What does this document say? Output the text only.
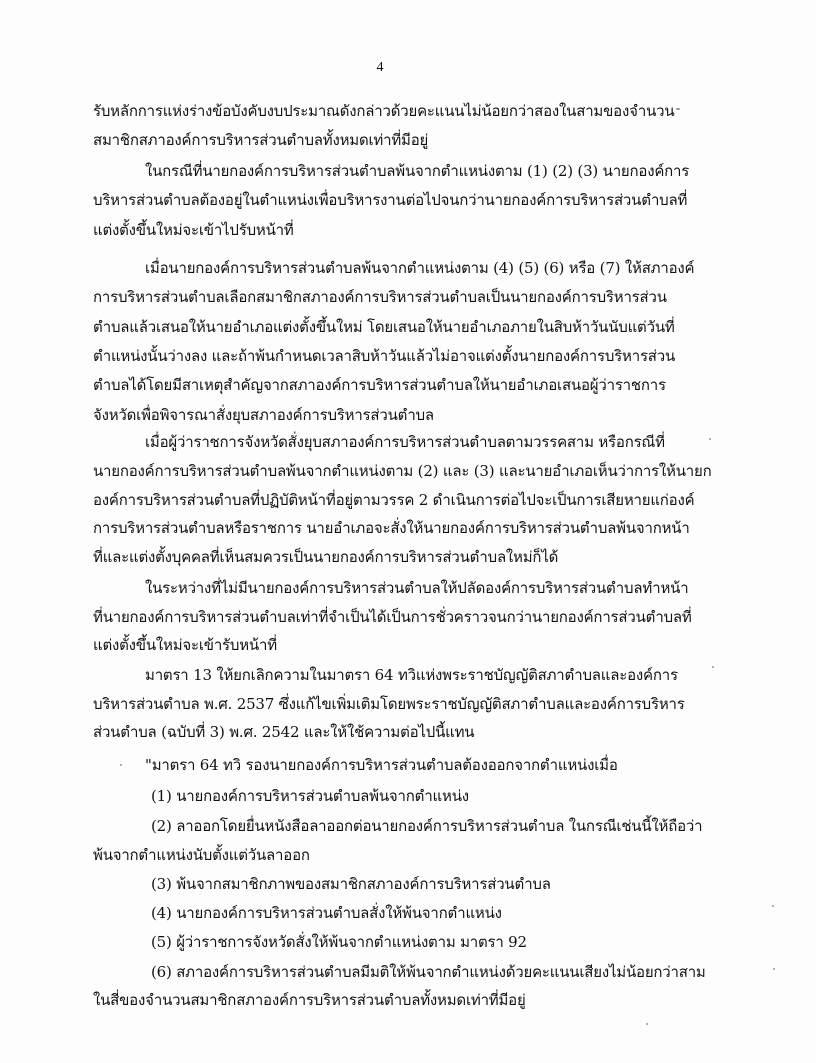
4
รับหลักการแห่งร่างข้อบังคับงบประมาณดังกล่าวด้วยคะแนนไม่น้อยกว่าสองในสามของจำนวน
สมาชิกสภาองค์การบริหารส่วนตำบลทั้งหมดเท่าที่มีอยู่
ในกรณีที่นายกองค์การบริหารส่วนตำบลพ้นจากตำแหน่งตาม (1) (2) (3) นายกองค์การ
บริหารส่วนตำบลต้องอยู่ในตำแหน่งเพื่อบริหารงานต่อไปจนกว่านายกองค์การบริหารส่วนตำบลที่
แต่งตั้งขึ้นใหม่จะเข้าไปรับหน้าที่
เมื่อนายกองค์การบริหารส่วนตำบลพ้นจากตำแหน่งตาม (4) (5) (6) หรือ (7) ให้สภาองค์
การบริหารส่วนตำบลเลือกสมาชิกสภาองค์การบริหารส่วนตำบลเป็นนายกองค์การบริหารส่วน
ตำบลแล้วเสนอให้นายอำเภอแต่งตั้งขึ้นใหม่ โดยเสนอให้นายอำเภอภายในสิบห้าวันนับแต่วันที่
ตำแหน่งนั้นว่างลง และถ้าพ้นกำหนดเวลาสิบห้าวันแล้วไม่อาจแต่งตั้งนายกองค์การบริหารส่วน
ตำบลได้โดยมีสาเหตุสำคัญจากสภาองค์การบริหารส่วนตำบลให้นายอำเภอเสนอผู้ว่าราชการ
จังหวัดเพื่อพิจารณาสั่งยุบสภาองค์การบริหารส่วนตำบล
เมื่อผู้ว่าราชการจังหวัดสั่งยุบสภาองค์การบริหารส่วนตำบลตามวรรคสาม หรือกรณีที่
นายกองค์การบริหารส่วนตำบลพ้นจากตำแหน่งตาม (2) และ (3) และนายอำเภอเห็นว่าการให้นายก
องค์การบริหารส่วนตำบลที่ปฏิบัติหน้าที่อยู่ตามวรรค 2 ดำเนินการต่อไปจะเป็นการเสียหายแก่องค์
การบริหารส่วนตำบลหรือราชการ นายอำเภอจะสั่งให้นายกองค์การบริหารส่วนตำบลพ้นจากหน้า
ที่และแต่งตั้งบุคคลที่เห็นสมควรเป็นนายกองค์การบริหารส่วนตำบลใหม่ก็ได้
ในระหว่างที่ไม่มีนายกองค์การบริหารส่วนตำบลให้ปลัดองค์การบริหารส่วนตำบลทำหน้า
ที่นายกองค์การบริหารส่วนตำบลเท่าที่จำเป็นได้เป็นการชั่วคราวจนกว่านายกองค์การส่วนตำบลที่
แต่งตั้งขึ้นใหม่จะเข้ารับหน้าที่
มาตรา 13 ให้ยกเลิกความในมาตรา 64 ทวิแห่งพระราชบัญญัติสภาตำบลและองค์การ
บริหารส่วนตำบล พ.ศ. 2537 ซึ่งแก้ไขเพิ่มเติมโดยพระราชบัญญัติสภาตำบลและองค์การบริหาร
ส่วนตำบล (ฉบับที่ 3) พ.ศ. 2542 และให้ใช้ความต่อไปนี้แทน
"มาตรา 64 ทวิ รองนายกองค์การบริหารส่วนตำบลต้องออกจากตำแหน่งเมื่อ
(1) นายกองค์การบริหารส่วนตำบลพ้นจากตำแหน่ง
(2) ลาออกโดยยื่นหนังสือลาออกต่อนายกองค์การบริหารส่วนตำบล ในกรณีเช่นนี้ให้ถือว่า
พ้นจากตำแหน่งนับตั้งแต่วันลาออก
(3) พ้นจากสมาชิกภาพของสมาชิกสภาองค์การบริหารส่วนตำบล
(4) นายกองค์การบริหารส่วนตำบลสั่งให้พ้นจากตำแหน่ง
(5) ผู้ว่าราชการจังหวัดสั่งให้พ้นจากตำแหน่งตาม มาตรา 92
(6) สภาองค์การบริหารส่วนตำบลมีมติให้พ้นจากตำแหน่งด้วยคะแนนเสียงไม่น้อยกว่าสาม
ในสี่ของจำนวนสมาชิกสภาองค์การบริหารส่วนตำบลทั้งหมดเท่าที่มีอยู่
